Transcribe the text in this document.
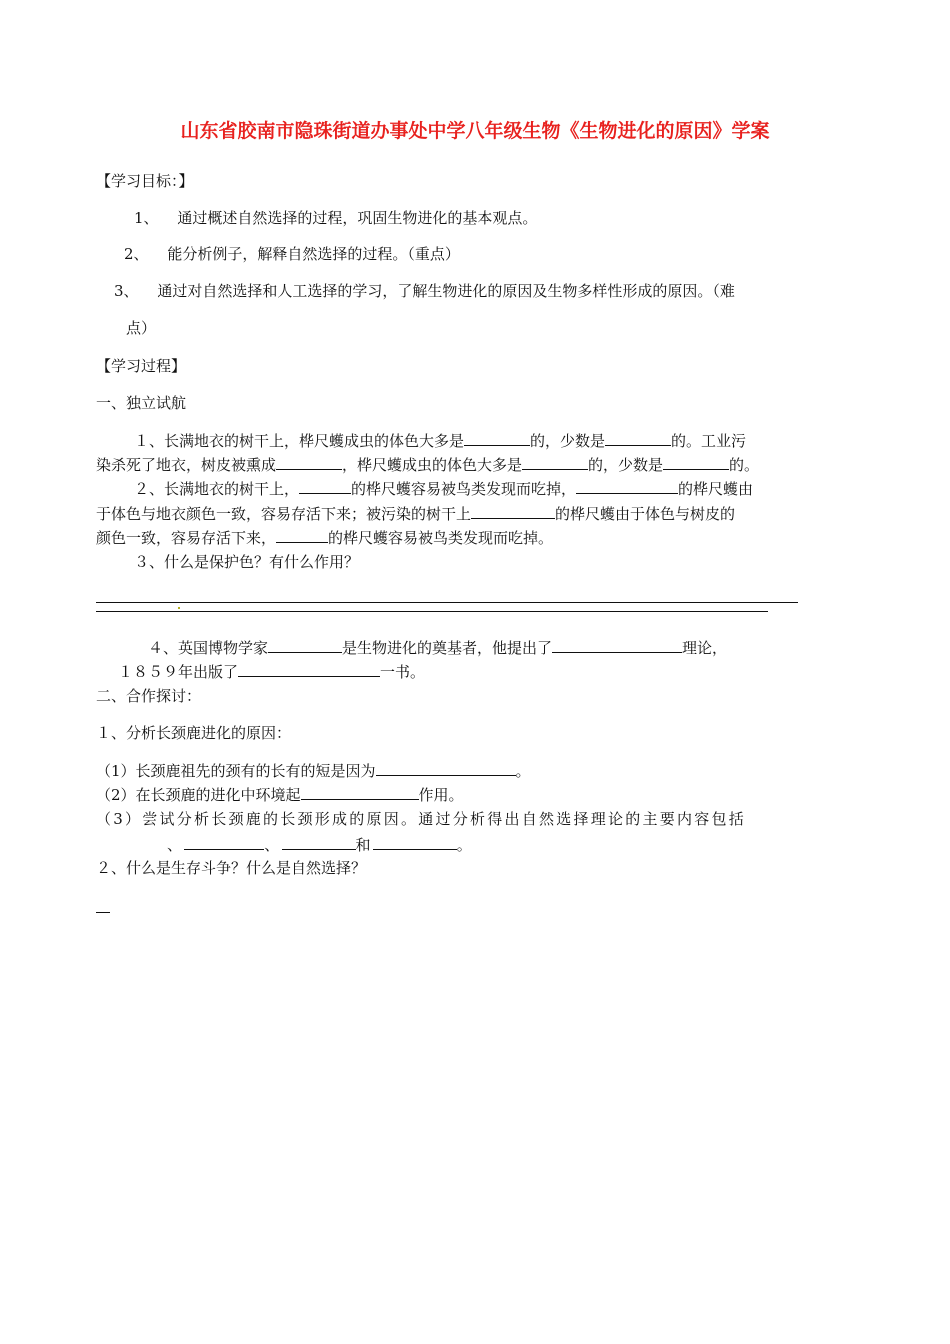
山东省胶南市隐珠街道办事处中学八年级生物《生物进化的原因》学案
【学习目标：】
1、 通过概述自然选择的过程，巩固生物进化的基本观点。
2、 能分析例子，解释自然选择的过程。（重点）
3、 通过对自然选择和人工选择的学习，了解生物进化的原因及生物多样性形成的原因。（难
点）
【学习过程】
一、独立试航
１、长满地衣的树干上，桦尺蠖成虫的体色大多是	的，少数是	的。工业污
染杀死了地衣，树皮被熏成	，桦尺蠖成虫的体色大多是	的，少数是	的。
２、长满地衣的树干上，	的桦尺蠖容易被鸟类发现而吃掉，	的桦尺蠖由
于体色与地衣颜色一致，容易存活下来；被污染的树干上	的桦尺蠖由于体色与树皮的
颜色一致，容易存活下来，	的桦尺蠖容易被鸟类发现而吃掉。
３、什么是保护色？有什么作用？
４、英国博物学家	是生物进化的奠基者，他提出了	理论，
１８５９年出版了	一书。
二、合作探讨：
１、分析长颈鹿进化的原因：
（1）长颈鹿祖先的颈有的长有的短是因为	。
（2）在长颈鹿的进化中环境起	作用。
（3）尝试分析长颈鹿的长颈形成的原因。通过分析得出自然选择理论的主要内容包括
、	、	和	。
２、什么是生存斗争？什么是自然选择？
